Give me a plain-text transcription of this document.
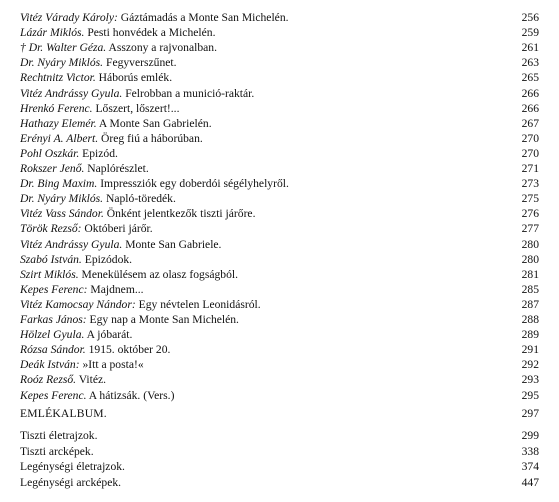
Vitéz Várady Károly: Gáztámadás a Monte San Michelén.	256
Lázár Miklós. Pesti honvédek a Michelén.	259
† Dr. Walter Géza. Asszony a rajvonalban.	261
Dr. Nyáry Miklós. Fegyverszűnet.	263
Rechtnitz Victor. Háborús emlék.	265
Vitéz Andrássy Gyula. Felrobban a munició-raktár.	266
Hrenkó Ferenc. Lőszert, lőszert!...	266
Hathazy Elemér. A Monte San Gabrielén.	267
Erényi A. Albert. Öreg fiú a háborúban.	270
Pohl Oszkár. Epizód.	270
Rokszer Jenő. Naplórészlet.	271
Dr. Bing Maxim. Impressziók egy doberdói ségélyhelyről.	273
Dr. Nyáry Miklós. Napló-töredék.	275
Vitéz Vass Sándor. Önként jelentkezők tiszti járőre.	276
Török Rezső: Októberi járőr.	277
Vitéz Andrássy Gyula. Monte San Gabriele.	280
Szabó István. Epizódok.	280
Szirt Miklós. Menekülésem az olasz fogságból.	281
Kepes Ferenc: Majdnem...	285
Vitéz Kamocsay Nándor: Egy névtelen Leonidásról.	287
Farkas János: Egy nap a Monte San Michelén.	288
Hölzel Gyula. A jóbarát.	289
Rózsa Sándor. 1915. október 20.	291
Deák István: »Itt a posta!«	292
Roóz Rezső. Vitéz.	293
Kepes Ferenc. A hátizsák. (Vers.)	295
EMLÉKALBUM.	297
Tiszti életrajzok.	299
Tiszti arcképek.	338
Legénységi életrajzok.	374
Legénységi arcképek.	447
